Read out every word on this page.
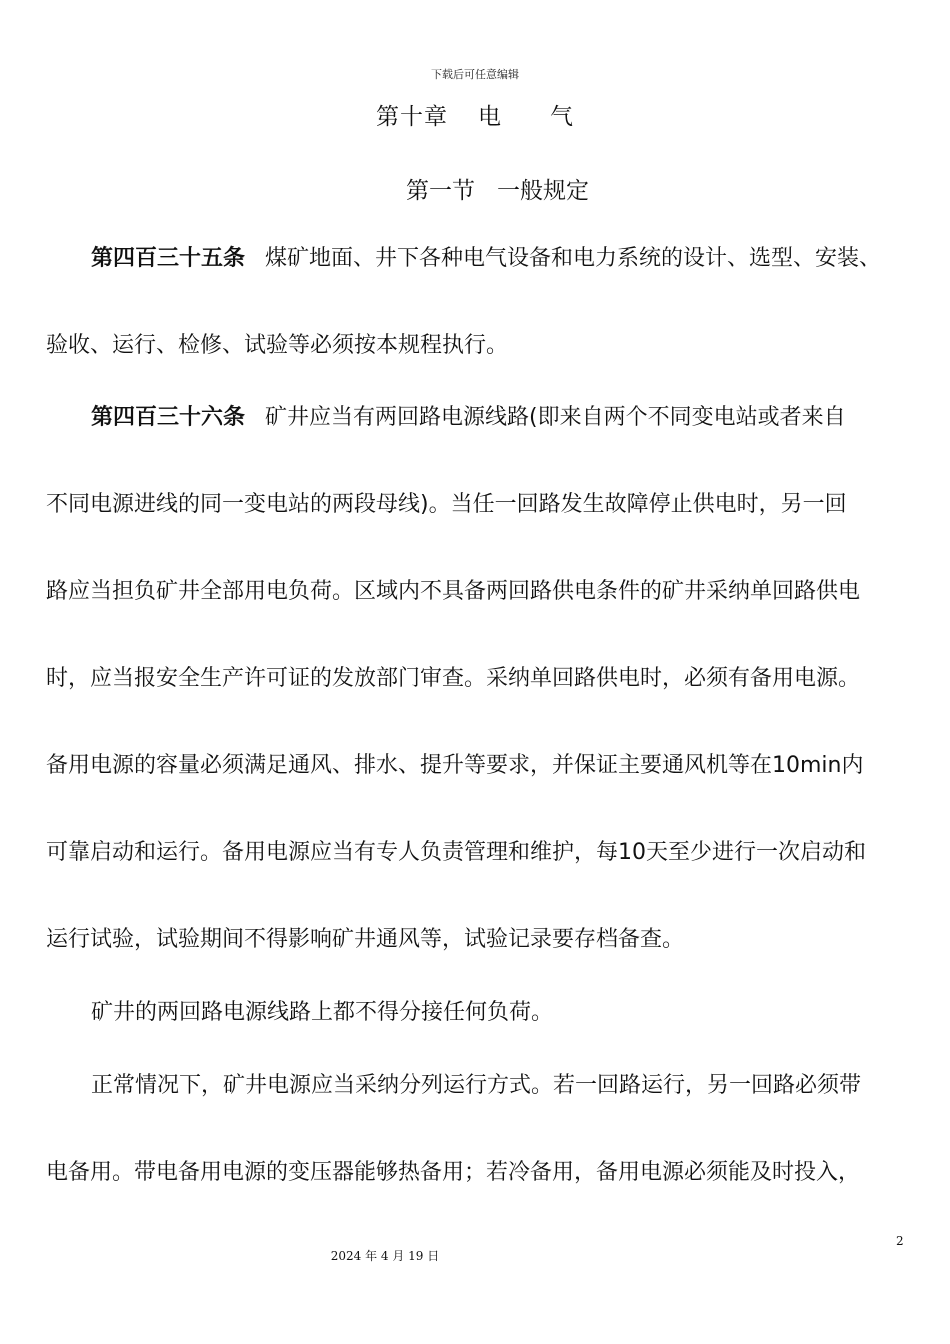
下载后可任意编辑
第十章 电 气
第一节 一般规定
第四百三十五条 煤矿地面、井下各种电气设备和电力系统的设计、选型、安装、
验收、运行、检修、试验等必须按本规程执行。
第四百三十六条 矿井应当有两回路电源线路(即来自两个不同变电站或者来自
不同电源进线的同一变电站的两段母线)。当任一回路发生故障停止供电时，另一回
路应当担负矿井全部用电负荷。区域内不具备两回路供电条件的矿井采纳单回路供电
时，应当报安全生产许可证的发放部门审查。采纳单回路供电时，必须有备用电源。
备用电源的容量必须满足通风、排水、提升等要求，并保证主要通风机等在10min内
可靠启动和运行。备用电源应当有专人负责管理和维护，每10天至少进行一次启动和
运行试验，试验期间不得影响矿井通风等，试验记录要存档备查。
矿井的两回路电源线路上都不得分接任何负荷。
正常情况下，矿井电源应当采纳分列运行方式。若一回路运行，另一回路必须带
电备用。带电备用电源的变压器能够热备用；若冷备用，备用电源必须能及时投入，
2
2024 年 4 月 19 日
